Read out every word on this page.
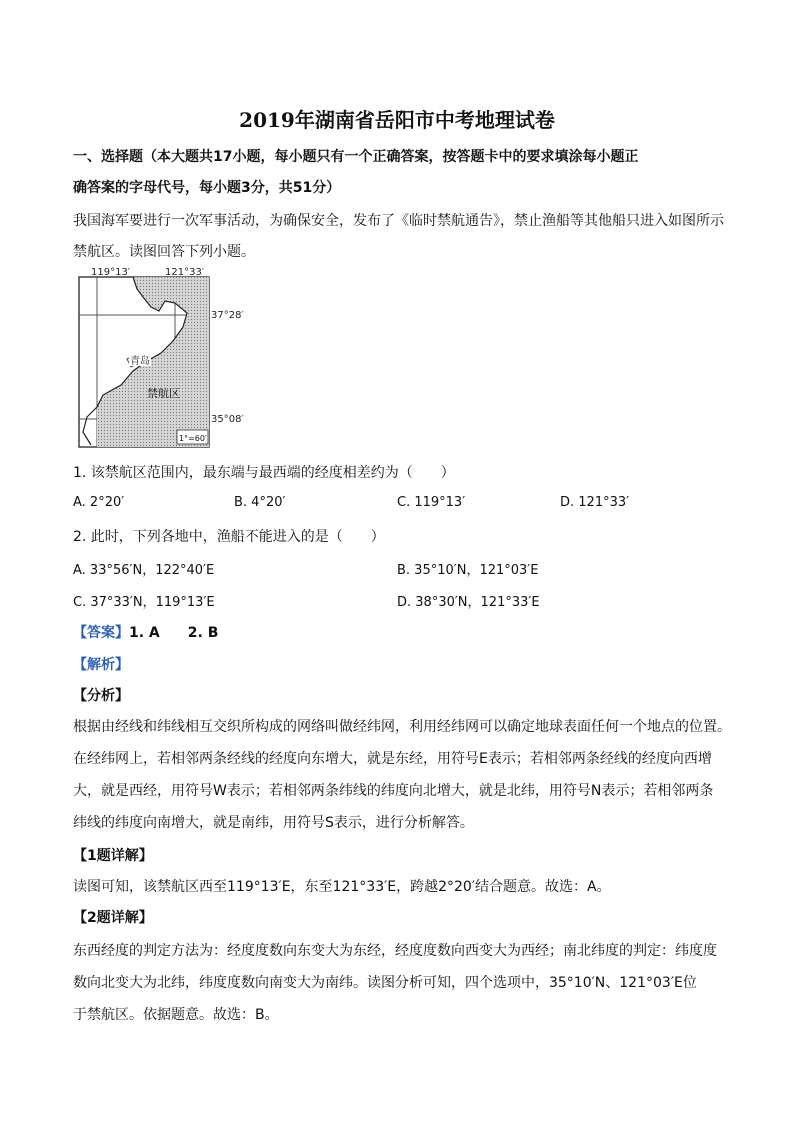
2019年湖南省岳阳市中考地理试卷
一、选择题（本大题共17小题，每小题只有一个正确答案，按答题卡中的要求填涂每小题正
确答案的字母代号，每小题3分，共51分）
我国海军要进行一次军事活动，为确保安全，发布了《临时禁航通告》，禁止渔船等其他船只进入如图所示
禁航区。读图回答下列小题。
119°13′	121°33′
37°28′
35°08′
青岛
禁航区
1°=60′
1. 该禁航区范围内，最东端与最西端的经度相差约为（　　）
A. 2°20′	B. 4°20′	C. 119°13′	D. 121°33′
2. 此时，下列各地中，渔船不能进入的是（　　）
A. 33°56′N，122°40′E	B. 35°10′N，121°03′E
C. 37°33′N，119°13′E	D. 38°30′N，121°33′E
【答案】1. A　　2. B
【解析】
【分析】
根据由经线和纬线相互交织所构成的网络叫做经纬网，利用经纬网可以确定地球表面任何一个地点的位置。
在经纬网上，若相邻两条经线的经度向东增大，就是东经，用符号E表示；若相邻两条经线的经度向西增
大，就是西经，用符号W表示；若相邻两条纬线的纬度向北增大，就是北纬，用符号N表示；若相邻两条
纬线的纬度向南增大，就是南纬，用符号S表示，进行分析解答。
【1题详解】
读图可知，该禁航区西至119°13′E，东至121°33′E，跨越2°20′结合题意。故选：A。
【2题详解】
东西经度的判定方法为：经度度数向东变大为东经，经度度数向西变大为西经；南北纬度的判定：纬度度
数向北变大为北纬，纬度度数向南变大为南纬。读图分析可知，四个选项中，35°10′N、121°03′E位
于禁航区。依据题意。故选：B。
